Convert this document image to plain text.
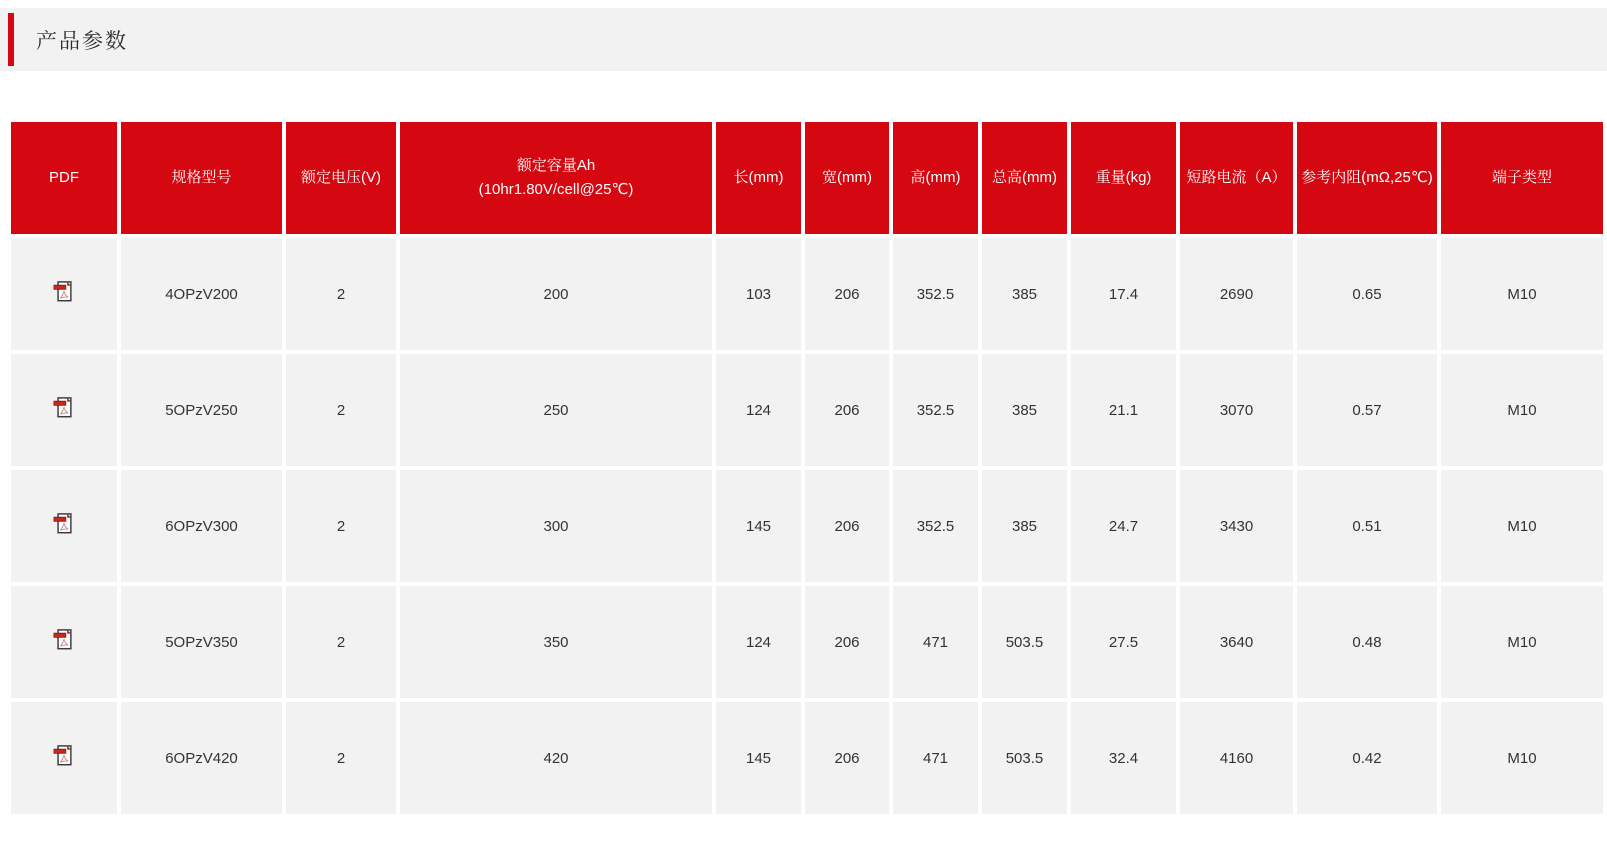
产品参数
PDF	规格型号	额定电压(V)	额定容量Ah
(10hr1.80V/cell@25℃)	长(mm)	宽(mm)	高(mm)	总高(mm)	重量(kg)	短路电流（A）	参考内阻(mΩ,25℃)	端子类型
	4OPzV200	2	200	103	206	352.5	385	17.4	2690	0.65	M10
	5OPzV250	2	250	124	206	352.5	385	21.1	3070	0.57	M10
	6OPzV300	2	300	145	206	352.5	385	24.7	3430	0.51	M10
	5OPzV350	2	350	124	206	471	503.5	27.5	3640	0.48	M10
	6OPzV420	2	420	145	206	471	503.5	32.4	4160	0.42	M10
